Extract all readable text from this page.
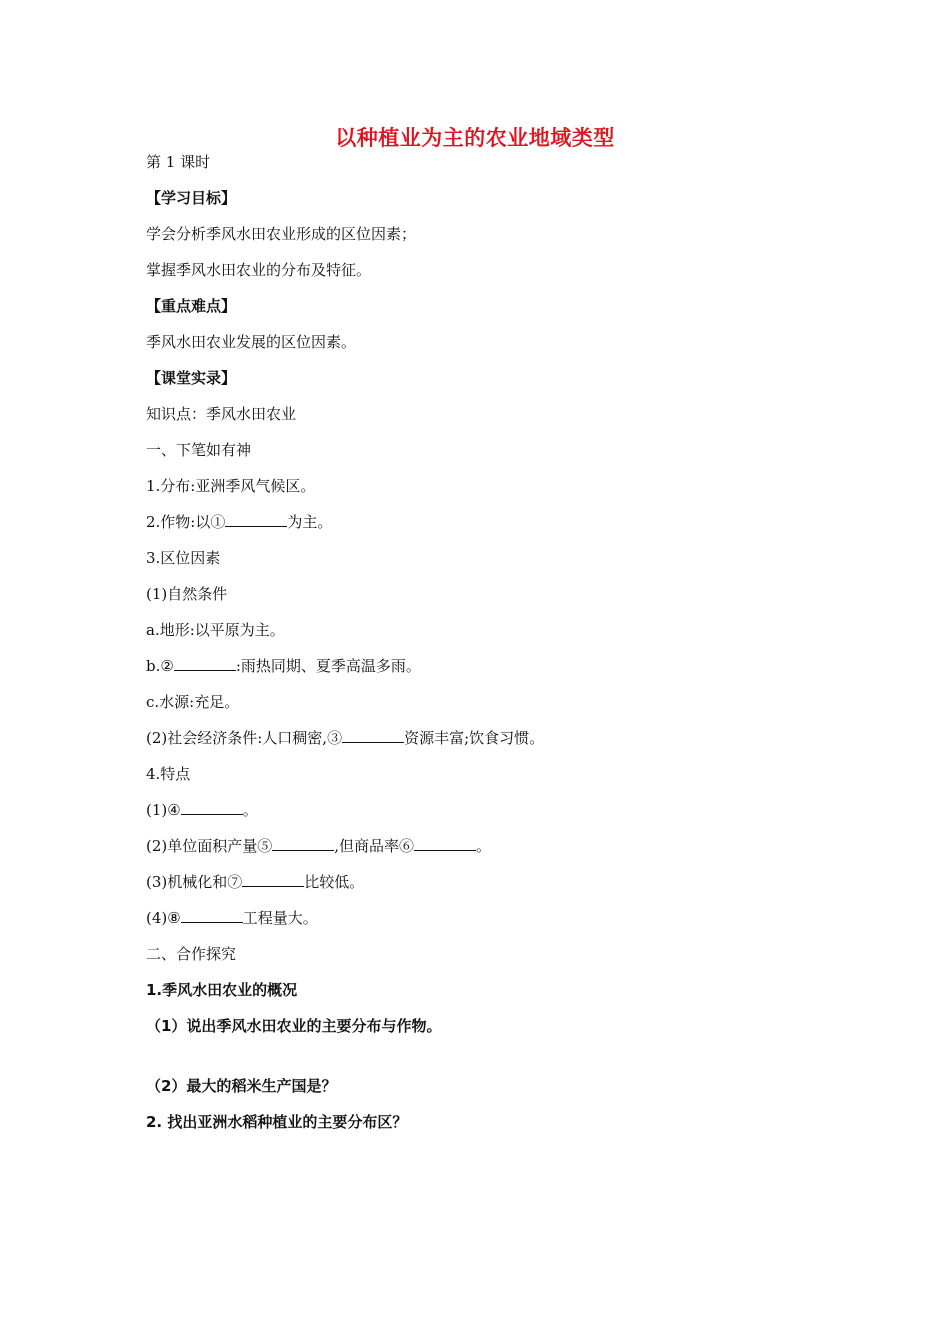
以种植业为主的农业地域类型
第 1 课时
【学习目标】
学会分析季风水田农业形成的区位因素；
掌握季风水田农业的分布及特征。
【重点难点】
季风水田农业发展的区位因素。
【课堂实录】
知识点：季风水田农业
一、下笔如有神
1.分布:亚洲季风气候区。
2.作物:以①	为主。
3.区位因素
(1)自然条件
a.地形:以平原为主。
b.②	:雨热同期、夏季高温多雨。
c.水源:充足。
(2)社会经济条件:人口稠密,③	资源丰富;饮食习惯。
4.特点
(1)④	。
(2)单位面积产量⑤	,但商品率⑥	。
(3)机械化和⑦	比较低。
(4)⑧	工程量大。
二、合作探究
1.季风水田农业的概况
（1）说出季风水田农业的主要分布与作物。
（2）最大的稻米生产国是？
2. 找出亚洲水稻种植业的主要分布区？
